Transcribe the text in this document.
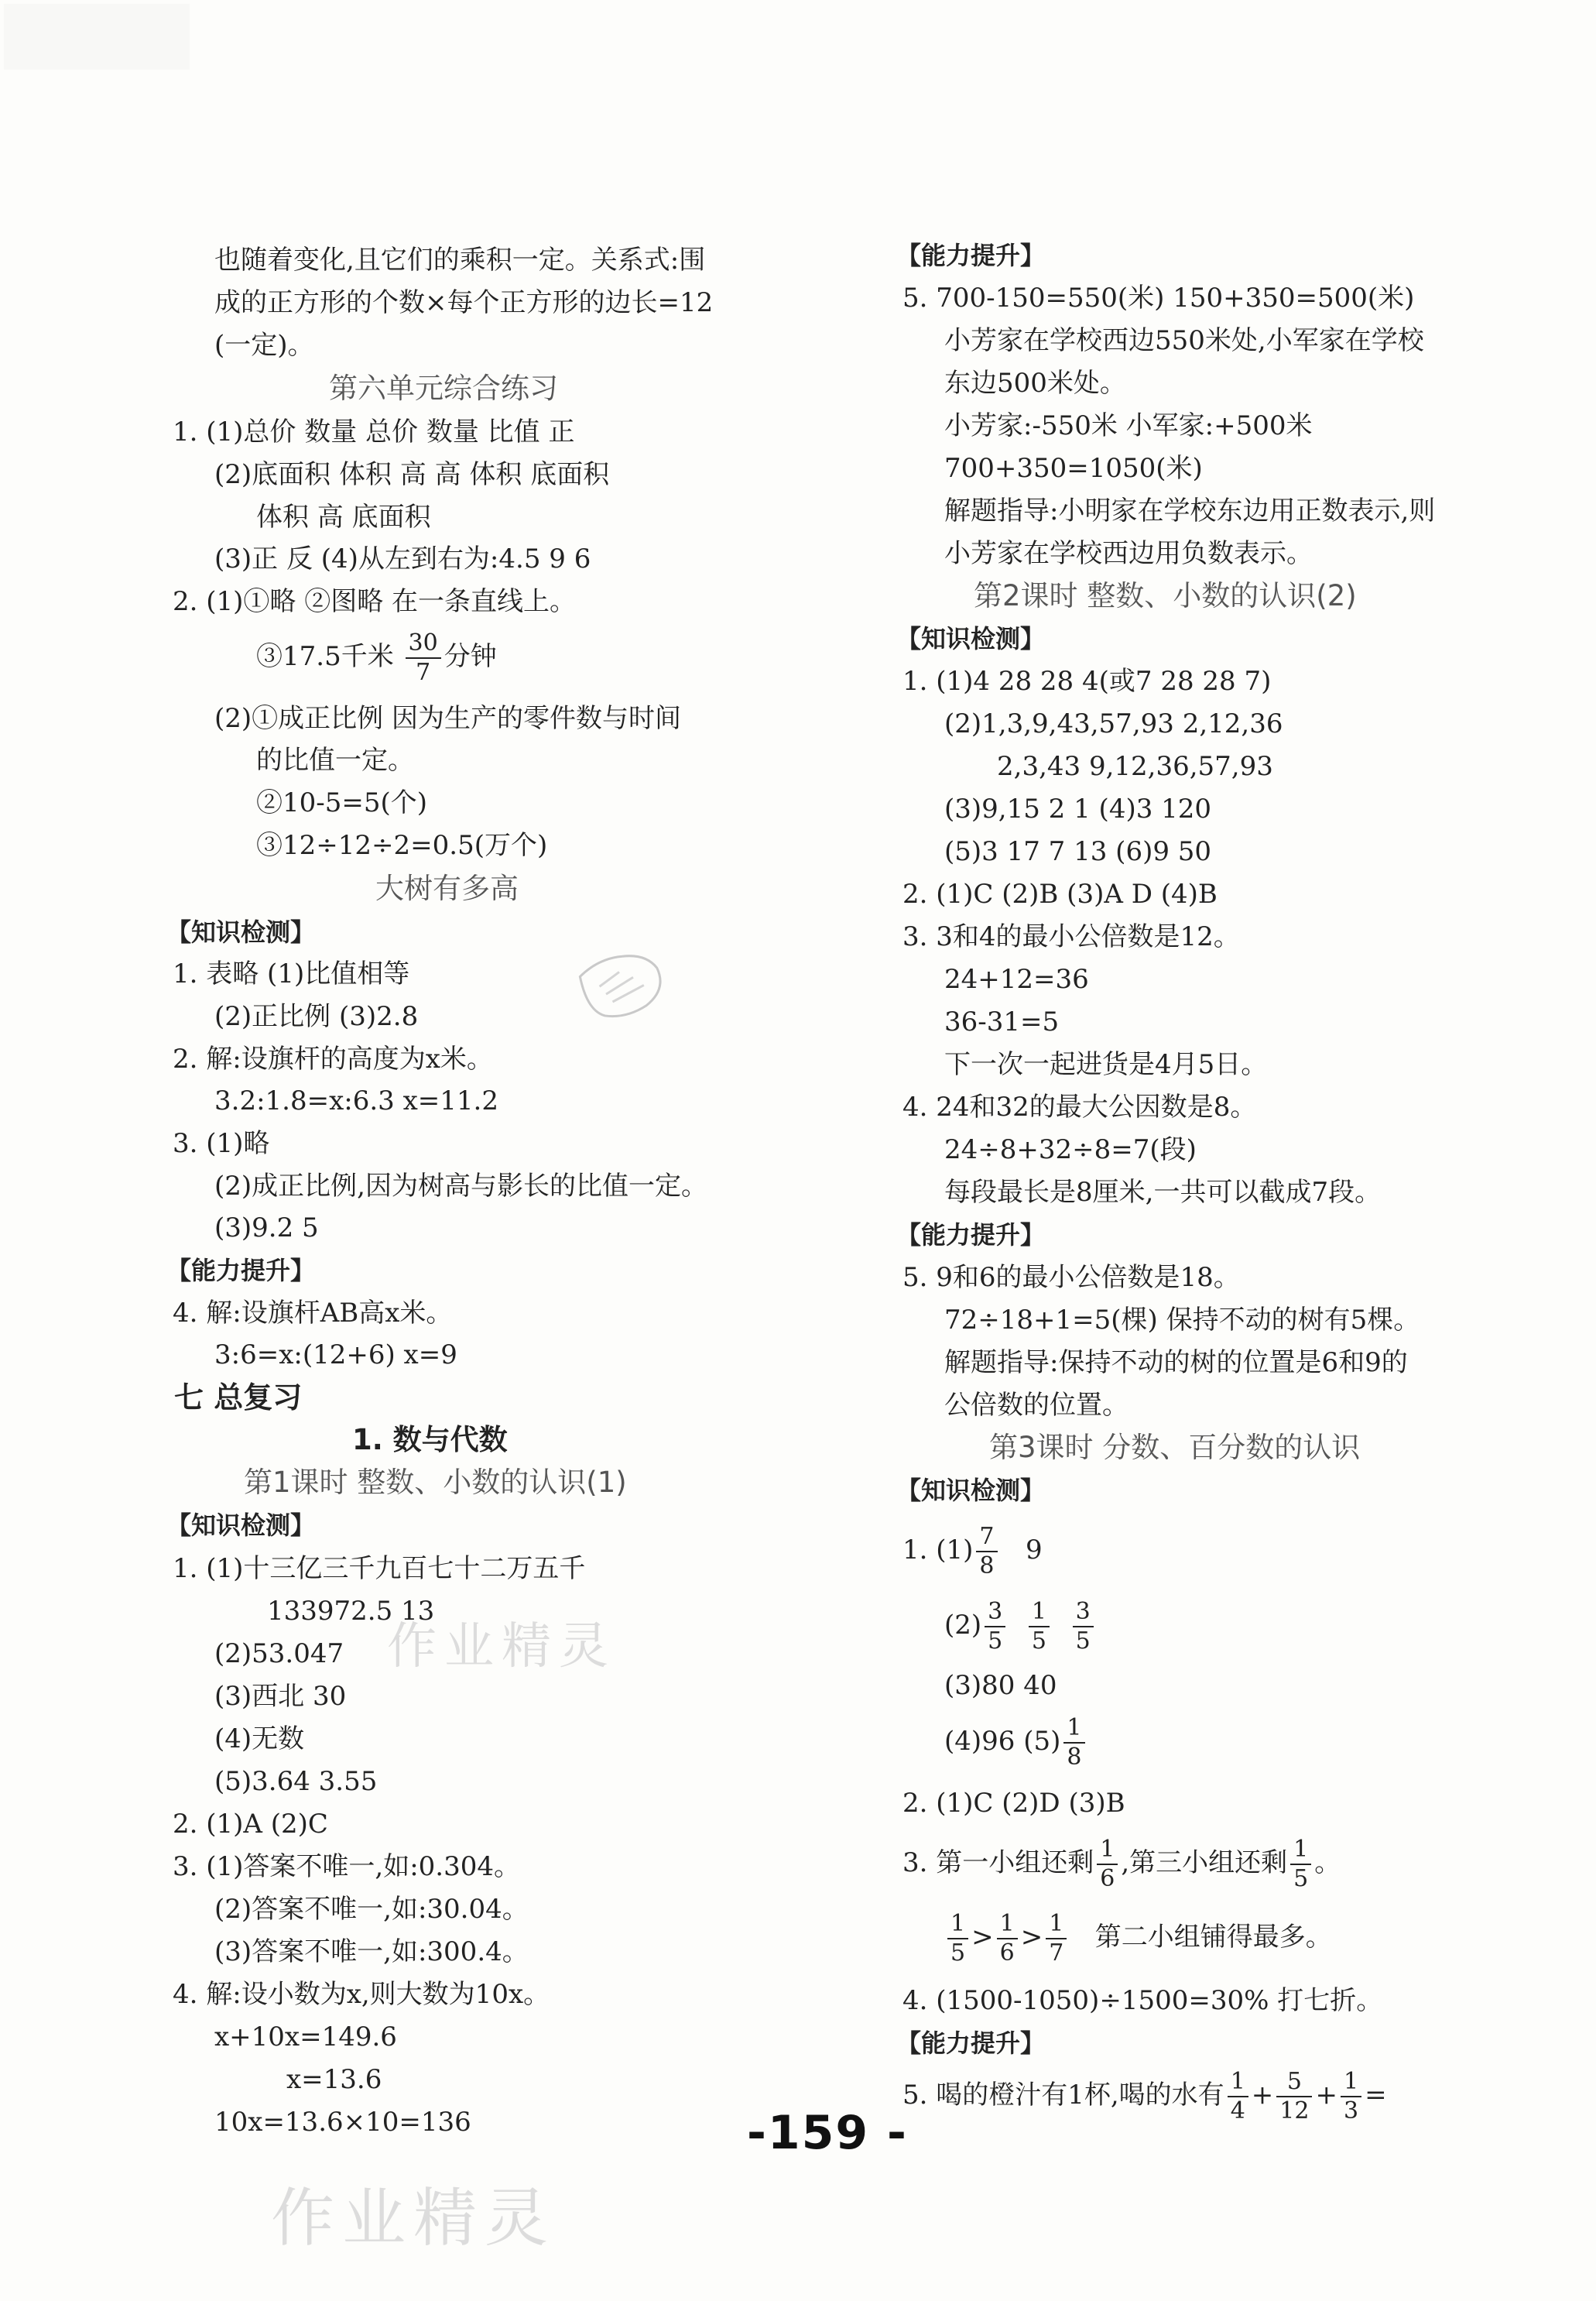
也随着变化,且它们的乘积一定。关系式:围
成的正方形的个数×每个正方形的边长=12
(一定)。
第六单元综合练习
1. (1)总价 数量 总价 数量 比值 正
(2)底面积 体积 高 高 体积 底面积
体积 高 底面积
(3)正 反 (4)从左到右为:4.5 9 6
2. (1)①略 ②图略 在一条直线上。
③17.5千米 $\frac{30}{7}$ 分钟
(2)①成正比例 因为生产的零件数与时间
的比值一定。
②10-5=5(个)
③12÷12÷2=0.5(万个)
大树有多高
【知识检测】
1. 表略 (1)比值相等
(2)正比例 (3)2.8
2. 解:设旗杆的高度为x米。
3.2:1.8=x:6.3 x=11.2
3. (1)略
(2)成正比例,因为树高与影长的比值一定。
(3)9.2 5
【能力提升】
4. 解:设旗杆AB高x米。
3:6=x:(12+6) x=9
七 总复习
1. 数与代数
第1课时 整数、小数的认识(1)
【知识检测】
1. (1)十三亿三千九百七十二万五千
133972.5 13
(2)53.047
(3)西北 30
(4)无数
(5)3.64 3.55
2. (1)A (2)C
3. (1)答案不唯一,如:0.304。
(2)答案不唯一,如:30.04。
(3)答案不唯一,如:300.4。
4. 解:设小数为x,则大数为10x。
x+10x=149.6
x=13.6
10x=13.6×10=136
【能力提升】
5. 700-150=550(米) 150+350=500(米)
小芳家在学校西边550米处,小军家在学校
东边500米处。
小芳家:-550米 小军家:+500米
700+350=1050(米)
解题指导:小明家在学校东边用正数表示,则
小芳家在学校西边用负数表示。
第2课时 整数、小数的认识(2)
【知识检测】
1. (1)4 28 28 4(或7 28 28 7)
(2)1,3,9,43,57,93 2,12,36
2,3,43 9,12,36,57,93
(3)9,15 2 1 (4)3 120
(5)3 17 7 13 (6)9 50
2. (1)C (2)B (3)A D (4)B
3. 3和4的最小公倍数是12。
24+12=36
36-31=5
下一次一起进货是4月5日。
4. 24和32的最大公因数是8。
24÷8+32÷8=7(段)
每段最长是8厘米,一共可以截成7段。
【能力提升】
5. 9和6的最小公倍数是18。
72÷18+1=5(棵) 保持不动的树有5棵。
解题指导:保持不动的树的位置是6和9的
公倍数的位置。
第3课时 分数、百分数的认识
【知识检测】
1. $(1) \frac{7}{8} 9$
$(2) \frac{3}{5}$
$\frac{1}{5}$
$\frac{3}{5}$
(3)80 40
(4)96 $(5) \frac{1}{8}$
2. (1)C (2)D (3)B
3. 第一小组还剩 $\frac{1}{6}$ ,第三小组还剩 $\frac{1}{5}$ 。
$\frac{1}{5} > \frac{1}{6} > \frac{1}{7}$ 第二小组铺得最多。
4. (1500-1050)÷1500=30% 打七折。
【能力提升】
5. 喝的橙汁有1杯,喝的水有 $\frac{1}{4} + \frac{5}{12} + \frac{1}{3}$ =
作业精灵
作业精灵
-159 -
